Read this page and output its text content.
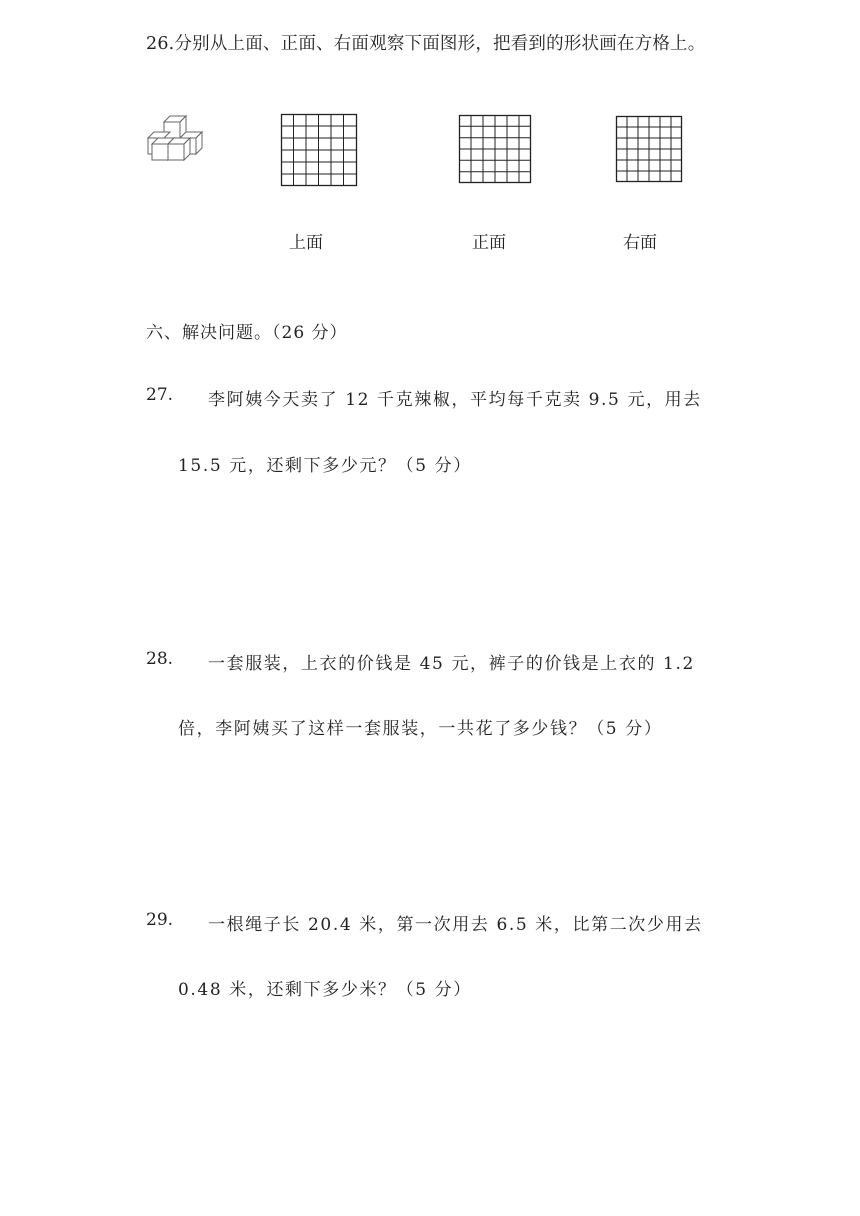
26.分别从上面、正面、右面观察下面图形，把看到的形状画在方格上。
上面	正面	右面
六、解决问题。（26 分）
27. 李阿姨今天卖了 12 千克辣椒，平均每千克卖 9.5 元，用去
15.5 元，还剩下多少元？（5 分）
28. 一套服装，上衣的价钱是 45 元，裤子的价钱是上衣的 1.2
倍，李阿姨买了这样一套服装，一共花了多少钱？（5 分）
29. 一根绳子长 20.4 米，第一次用去 6.5 米，比第二次少用去
0.48 米，还剩下多少米？（5 分）
